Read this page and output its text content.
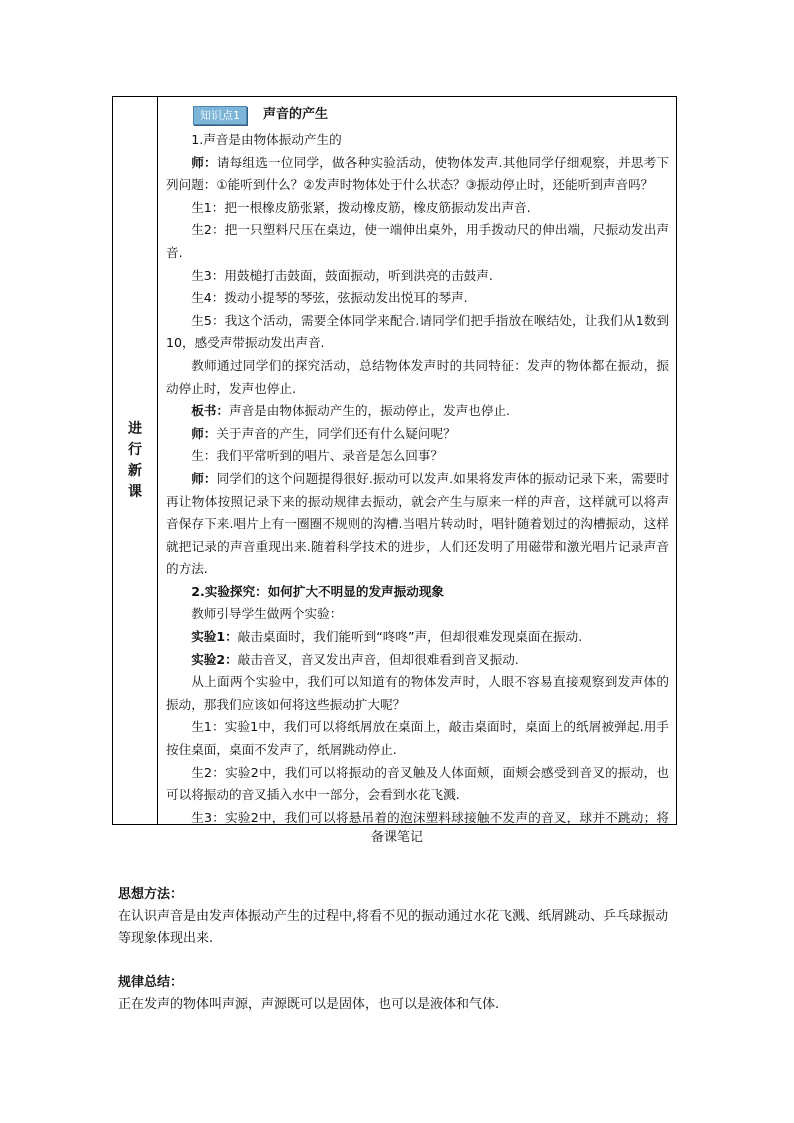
进
行
新
课
知识点1	声音的产生

1.声音是由物体振动产生的

师：请每组选一位同学，做各种实验活动，使物体发声.其他同学仔细观察，并思考下列问题：①能听到什么？②发声时物体处于什么状态？③振动停止时，还能听到声音吗？

生1：把一根橡皮筋张紧，拨动橡皮筋，橡皮筋振动发出声音.

生2：把一只塑料尺压在桌边，使一端伸出桌外，用手拨动尺的伸出端，尺振动发出声音.

生3：用鼓槌打击鼓面，鼓面振动，听到洪亮的击鼓声.

生4：拨动小提琴的琴弦，弦振动发出悦耳的琴声.

生5：我这个活动，需要全体同学来配合.请同学们把手指放在喉结处，让我们从1数到10，感受声带振动发出声音.

教师通过同学们的探究活动，总结物体发声时的共同特征：发声的物体都在振动，振动停止时，发声也停止.

板书：声音是由物体振动产生的，振动停止，发声也停止.

师：关于声音的产生，同学们还有什么疑问呢？

生：我们平常听到的唱片、录音是怎么回事？

师：同学们的这个问题提得很好.振动可以发声.如果将发声体的振动记录下来，需要时再让物体按照记录下来的振动规律去振动，就会产生与原来一样的声音，这样就可以将声音保存下来.唱片上有一圈圈不规则的沟槽.当唱片转动时，唱针随着划过的沟槽振动，这样就把记录的声音重现出来.随着科学技术的进步，人们还发明了用磁带和激光唱片记录声音的方法.

2.实验探究：如何扩大不明显的发声振动现象

教师引导学生做两个实验：

实验1：敲击桌面时，我们能听到“咚咚”声，但却很难发现桌面在振动.

实验2：敲击音叉，音叉发出声音，但却很难看到音叉振动.

从上面两个实验中，我们可以知道有的物体发声时，人眼不容易直接观察到发声体的振动，那我们应该如何将这些振动扩大呢？

生1：实验1中，我们可以将纸屑放在桌面上，敲击桌面时，桌面上的纸屑被弹起.用手按住桌面，桌面不发声了，纸屑跳动停止.

生2：实验2中，我们可以将振动的音叉触及人体面颊，面颊会感受到音叉的振动，也可以将振动的音叉插入水中一部分，会看到水花飞溅.

生3：实验2中，我们可以将悬吊着的泡沫塑料球接触不发声的音叉，球并不跳动；将

备课笔记

思想方法：

在认识声音是由发声体振动产生的过程中,将看不见的振动通过水花飞溅、纸屑跳动、乒乓球振动等现象体现出来.

规律总结：

正在发声的物体叫声源，声源既可以是固体，也可以是液体和气体.
